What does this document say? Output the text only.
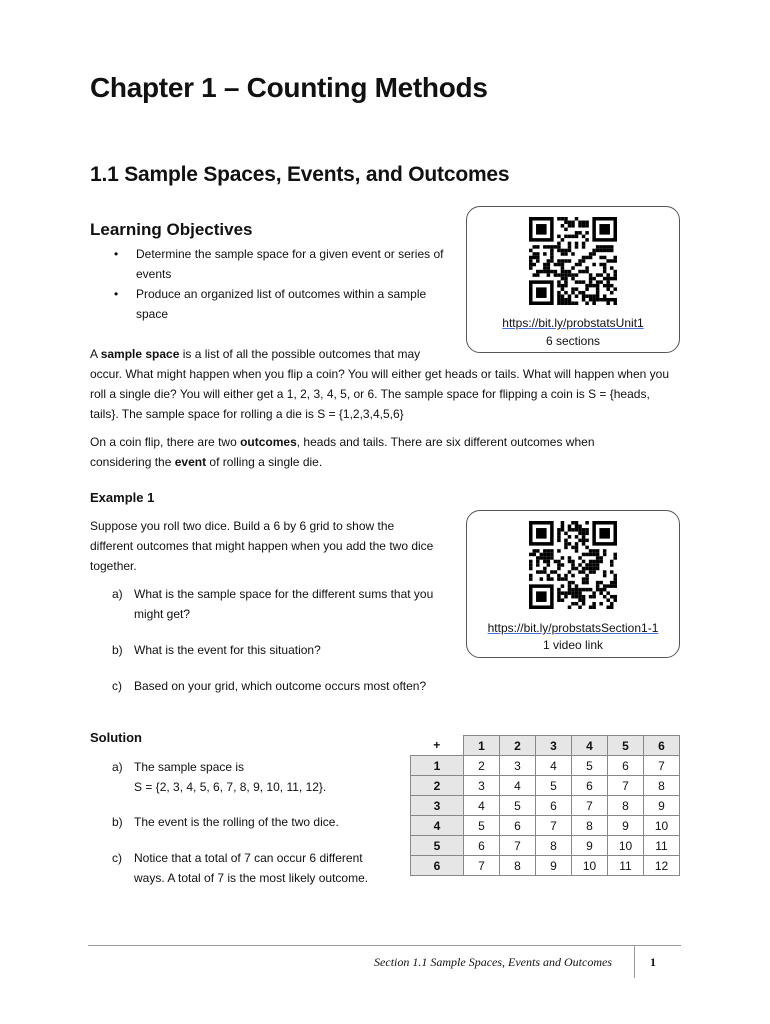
Chapter 1 – Counting Methods
1.1 Sample Spaces, Events, and Outcomes
Learning Objectives
• Determine the sample space for a given event or series of events
• Produce an organized list of outcomes within a sample space
https://bit.ly/probstatsUnit1
6 sections
A sample space is a list of all the possible outcomes that may
occur. What might happen when you flip a coin? You will either get heads or tails. What will happen when you roll a single die? You will either get a 1, 2, 3, 4, 5, or 6. The sample space for flipping a coin is S = {heads, tails}. The sample space for rolling a die is S = {1,2,3,4,5,6}
On a coin flip, there are two outcomes, heads and tails. There are six different outcomes when considering the event of rolling a single die.
Example 1
Suppose you roll two dice. Build a 6 by 6 grid to show the different outcomes that might happen when you add the two dice together.
https://bit.ly/probstatsSection1-1
1 video link
a) What is the sample space for the different sums that you might get?
b) What is the event for this situation?
c) Based on your grid, which outcome occurs most often?
Solution
a) The sample space is
S = {2, 3, 4, 5, 6, 7, 8, 9, 10, 11, 12}.
b) The event is the rolling of the two dice.
c) Notice that a total of 7 can occur 6 different
ways. A total of 7 is the most likely outcome.
+	1	2	3	4	5	6
1	2	3	4	5	6	7
2	3	4	5	6	7	8
3	4	5	6	7	8	9
4	5	6	7	8	9	10
5	6	7	8	9	10	11
6	7	8	9	10	11	12
Section 1.1 Sample Spaces, Events and Outcomes	1
